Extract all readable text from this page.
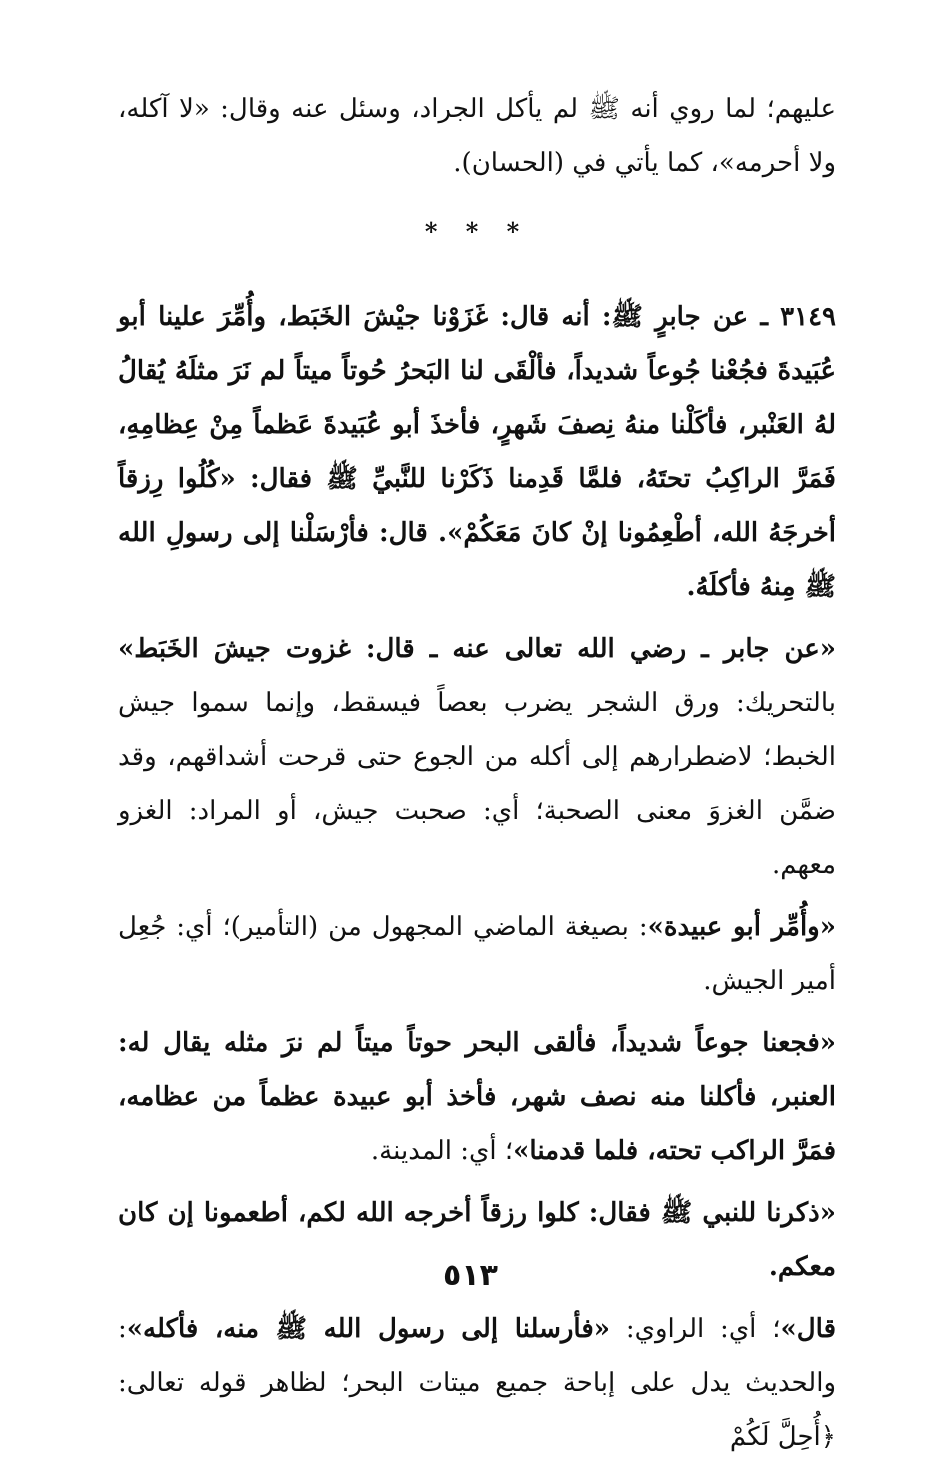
عليهم؛ لما روي أنه ﷺ لم يأكل الجراد، وسئل عنه وقال: «لا آكله، ولا أحرمه»، كما يأتي في (الحسان).

* * *

٣١٤٩ ـ عن جابرٍ ﷺ: أنه قال: غَزَوْنا جيْشَ الخَبَط، وأُمِّرَ علينا أبو عُبَيدةَ فجُعْنا جُوعاً شديداً، فألْقَى لنا البَحرُ حُوتاً ميتاً لم نَرَ مثلَهُ يُقالُ لهُ العَنْبر، فأكَلْنا منهُ نِصفَ شَهرٍ، فأخذَ أبو عُبَيدةَ عَظماً مِنْ عِظامِهِ، فَمَرَّ الراكِبُ تحتَهُ، فلمَّا قَدِمنا ذَكَرْنا للنَّبيِّ ﷺ فقال: «كُلُوا رِزقاً أخرجَهُ الله، أطْعِمُونا إنْ كانَ مَعَكُمْ». قال: فأرْسَلْنا إلى رسولِ الله ﷺ مِنهُ فأكلَهُ.

«عن جابر ـ رضي الله تعالى عنه ـ قال: غزوت جيشَ الخَبَط» بالتحريك: ورق الشجر يضرب بعصاً فيسقط، وإنما سموا جيش الخبط؛ لاضطرارهم إلى أكله من الجوع حتى قرحت أشداقهم، وقد ضمَّن الغزوَ معنى الصحبة؛ أي: صحبت جيش، أو المراد: الغزو معهم.

«وأُمِّر أبو عبيدة»: بصيغة الماضي المجهول من (التأمير)؛ أي: جُعِل أمير الجيش.

«فجعنا جوعاً شديداً، فألقى البحر حوتاً ميتاً لم نرَ مثله يقال له: العنبر، فأكلنا منه نصف شهر، فأخذ أبو عبيدة عظماً من عظامه، فمَرَّ الراكب تحته، فلما قدمنا»؛ أي: المدينة.

«ذكرنا للنبي ﷺ فقال: كلوا رزقاً أخرجه الله لكم، أطعمونا إن كان معكم.

قال»؛ أي: الراوي: «فأرسلنا إلى رسول الله ﷺ منه، فأكله»: والحديث يدل على إباحة جميع ميتات البحر؛ لظاهر قوله تعالى: ﴿أُحِلَّ لَكُمْ

٥١٣
